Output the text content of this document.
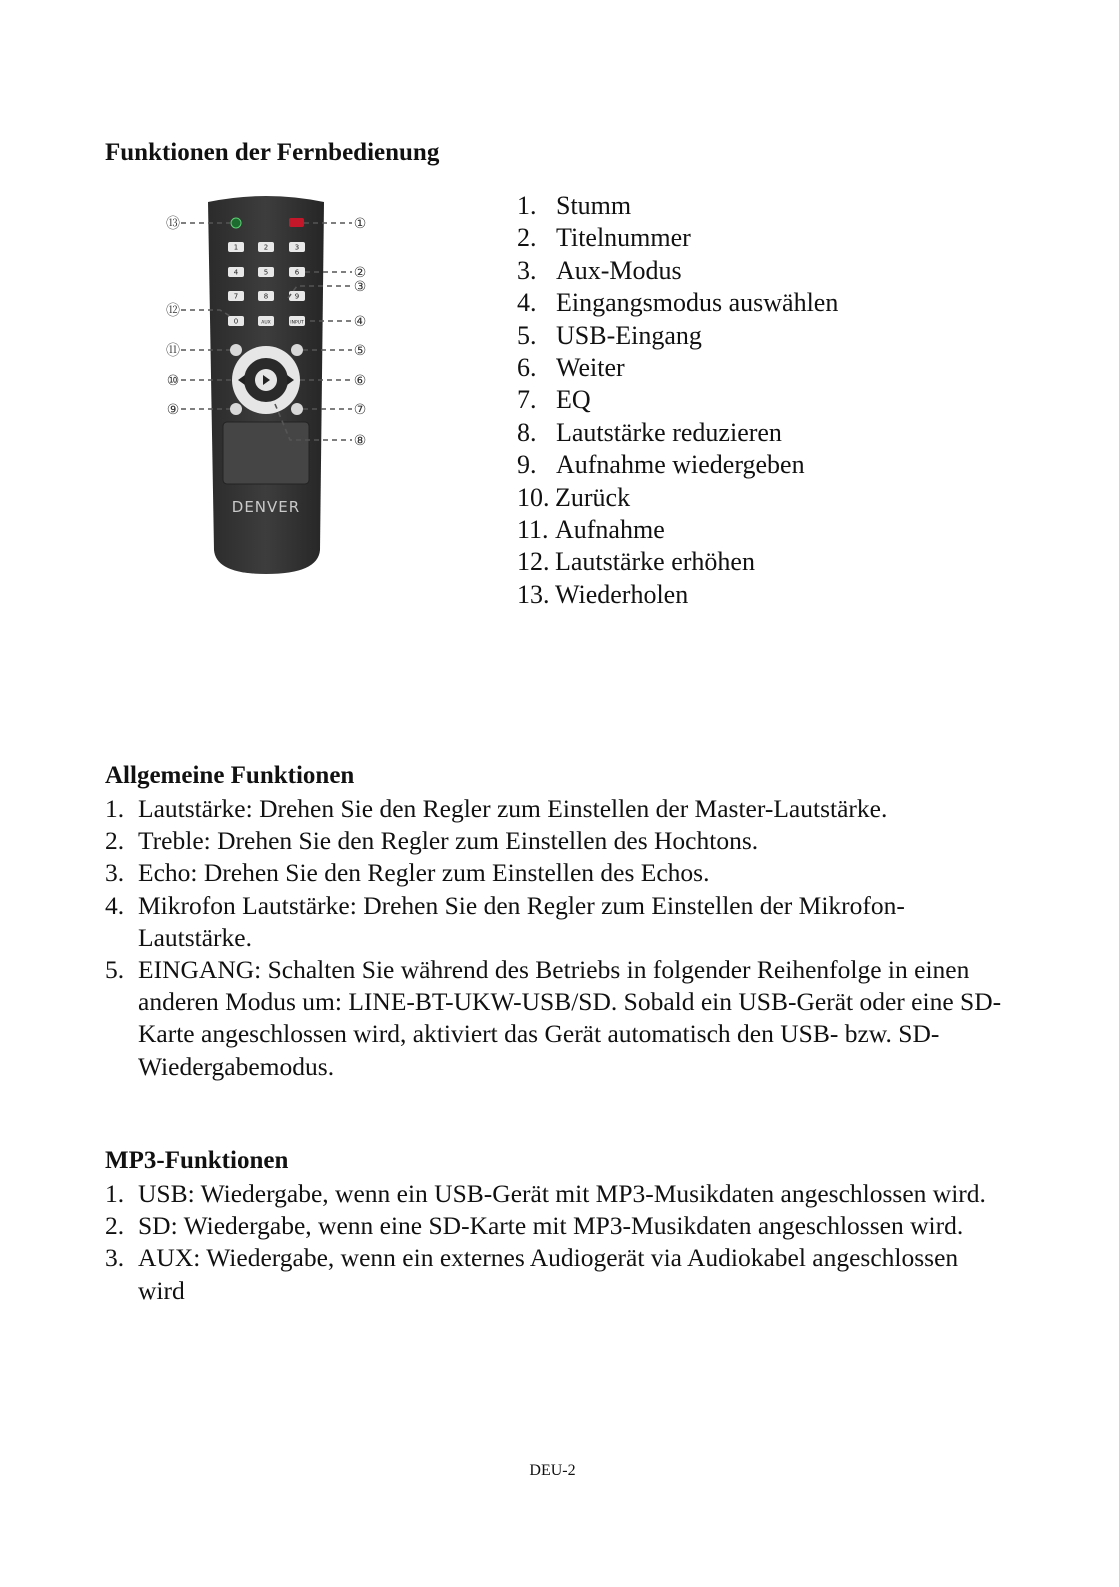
Funktionen der Fernbedienung
1	2	3
4	5	6
7	8	9
0	AUX	INPUT
DENVER
⑬	①
②
③
⑫
④
⑪	⑤
⑩	⑥
⑨	⑦
⑧
1. Stumm
2. Titelnummer
3. Aux-Modus
4. Eingangsmodus auswählen
5. USB-Eingang
6. Weiter
7. EQ
8. Lautstärke reduzieren
9. Aufnahme wiedergeben
10. Zurück
11. Aufnahme
12. Lautstärke erhöhen
13. Wiederholen
Allgemeine Funktionen
1. Lautstärke: Drehen Sie den Regler zum Einstellen der Master-Lautstärke.
2. Treble: Drehen Sie den Regler zum Einstellen des Hochtons.
3. Echo: Drehen Sie den Regler zum Einstellen des Echos.
4. Mikrofon Lautstärke: Drehen Sie den Regler zum Einstellen der Mikrofon-Lautstärke.
5. EINGANG: Schalten Sie während des Betriebs in folgender Reihenfolge in einen anderen Modus um: LINE-BT-UKW-USB/SD. Sobald ein USB-Gerät oder eine SD-Karte angeschlossen wird, aktiviert das Gerät automatisch den USB- bzw. SD-Wiedergabemodus.
MP3-Funktionen
1. USB: Wiedergabe, wenn ein USB-Gerät mit MP3-Musikdaten angeschlossen wird.
2. SD: Wiedergabe, wenn eine SD-Karte mit MP3-Musikdaten angeschlossen wird.
3. AUX: Wiedergabe, wenn ein externes Audiogerät via Audiokabel angeschlossen wird
DEU-2
